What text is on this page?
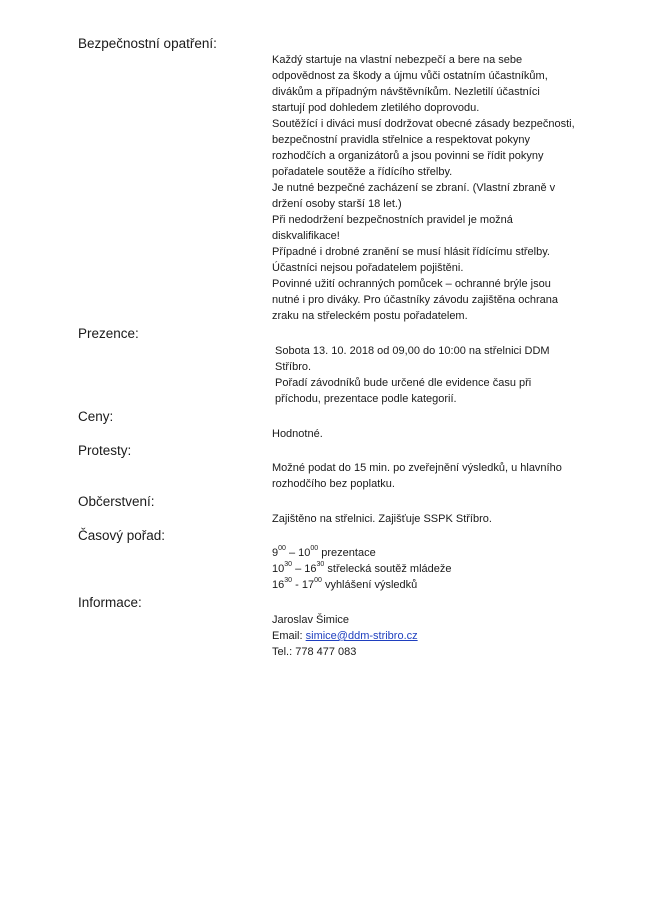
Bezpečnostní opatření:
Každý startuje na vlastní nebezpečí a bere na sebe
odpovědnost za škody a újmu vůči ostatním účastníkům,
divákům a případným návštěvníkům. Nezletilí účastníci
startují pod dohledem zletilého doprovodu.
Soutěžící i diváci musí dodržovat obecné zásady bezpečnosti,
bezpečnostní pravidla střelnice a respektovat pokyny
rozhodčích a organizátorů a jsou povinni se řídit pokyny
pořadatele soutěže a řídícího střelby.
Je nutné bezpečné zacházení se zbraní. (Vlastní zbraně v
držení osoby starší 18 let.)
Při nedodržení bezpečnostních pravidel je možná
diskvalifikace!
Případné i drobné zranění se musí hlásit řídícímu střelby.
Účastníci nejsou pořadatelem pojištěni.
Povinné užití ochranných pomůcek – ochranné brýle jsou
nutné i pro diváky. Pro účastníky závodu zajištěna ochrana
zraku na střeleckém postu pořadatelem.
Prezence:
Sobota 13. 10. 2018 od 09,00 do 10:00 na střelnici DDM
Stříbro.
Pořadí závodníků bude určené dle evidence času při
příchodu, prezentace podle kategorií.
Ceny:
Hodnotné.
Protesty:
Možné podat do 15 min. po zveřejnění výsledků, u hlavního
rozhodčího bez poplatku.
Občerstvení:
Zajištěno na střelnici. Zajišťuje SSPK Stříbro.
Časový pořad:
$9^{00} - 10^{00}$ prezentace
$10^{30} - 16^{30}$ střelecká soutěž mládeže
$16^{30} - 17^{00}$ vyhlášení výsledků
Informace:
Jaroslav Šimice
Email: simice@ddm-stribro.cz
Tel.: 778 477 083
